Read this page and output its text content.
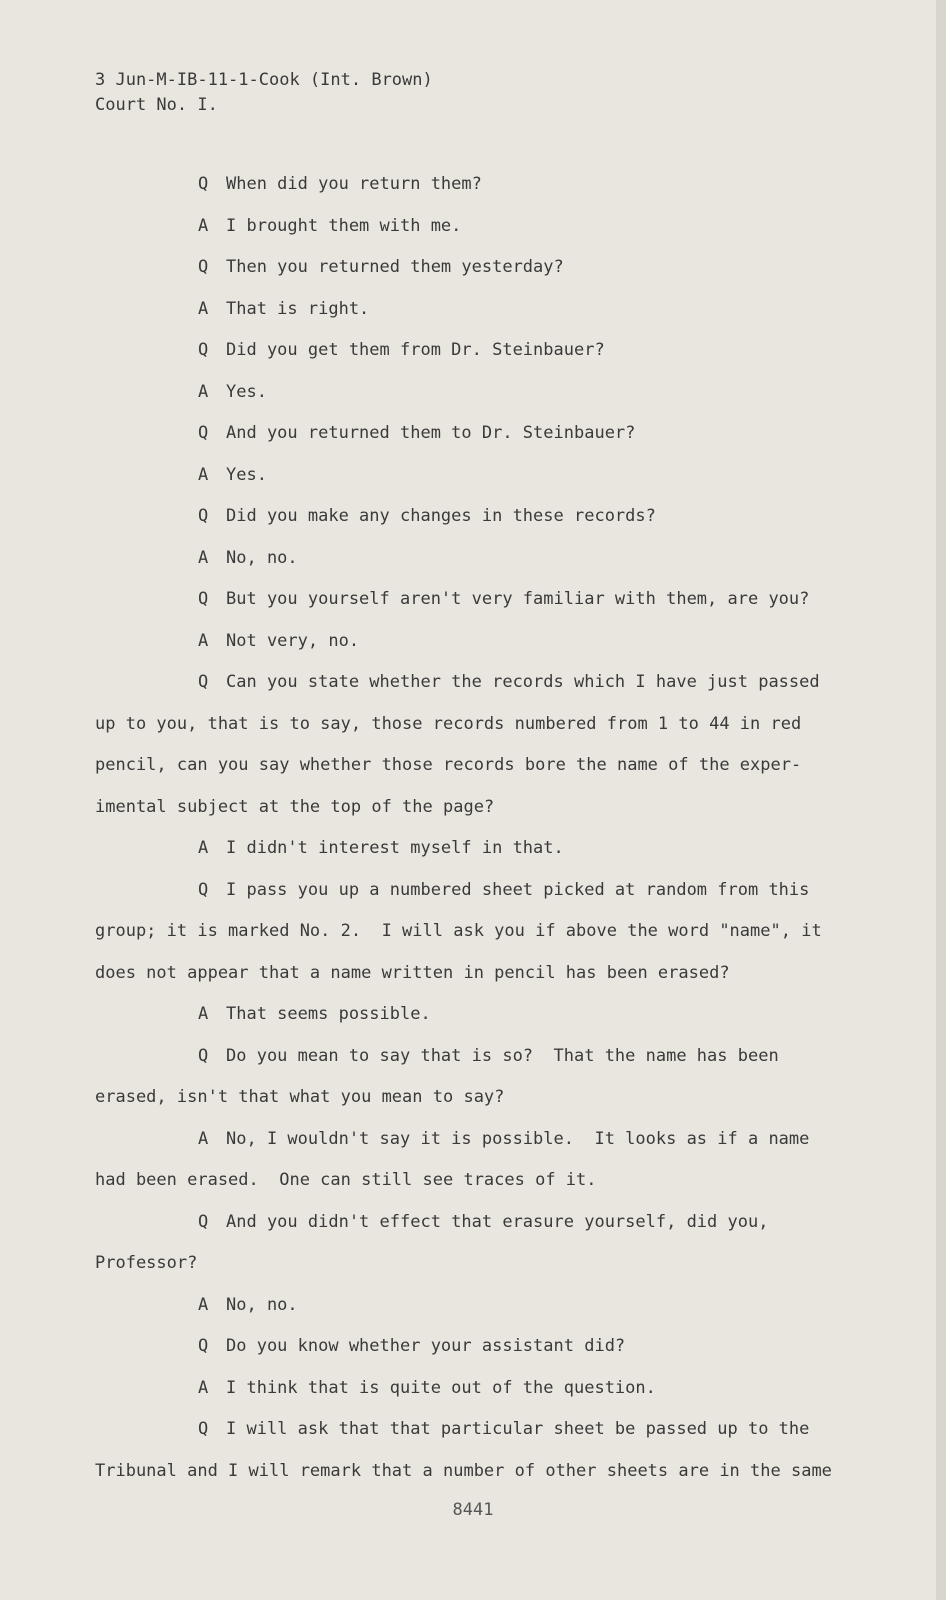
3 Jun-M-IB-11-1-Cook (Int. Brown)
Court No. I.
Q	When did you return them?
A	I brought them with me.
Q	Then you returned them yesterday?
A	That is right.
Q	Did you get them from Dr. Steinbauer?
A	Yes.
Q	And you returned them to Dr. Steinbauer?
A	Yes.
Q	Did you make any changes in these records?
A	No, no.
Q	But you yourself aren't very familiar with them, are you?
A	Not very, no.
Q	Can you state whether the records which I have just passed
up to you, that is to say, those records numbered from 1 to 44 in red
pencil, can you say whether those records bore the name of the exper-
imental subject at the top of the page?
A	I didn't interest myself in that.
Q	I pass you up a numbered sheet picked at random from this
group; it is marked No. 2.  I will ask you if above the word "name", it
does not appear that a name written in pencil has been erased?
A	That seems possible.
Q	Do you mean to say that is so?  That the name has been
erased, isn't that what you mean to say?
A	No, I wouldn't say it is possible.  It looks as if a name
had been erased.  One can still see traces of it.
Q	And you didn't effect that erasure yourself, did you,
Professor?
A	No, no.
Q	Do you know whether your assistant did?
A	I think that is quite out of the question.
Q	I will ask that that particular sheet be passed up to the
Tribunal and I will remark that a number of other sheets are in the same
8441
